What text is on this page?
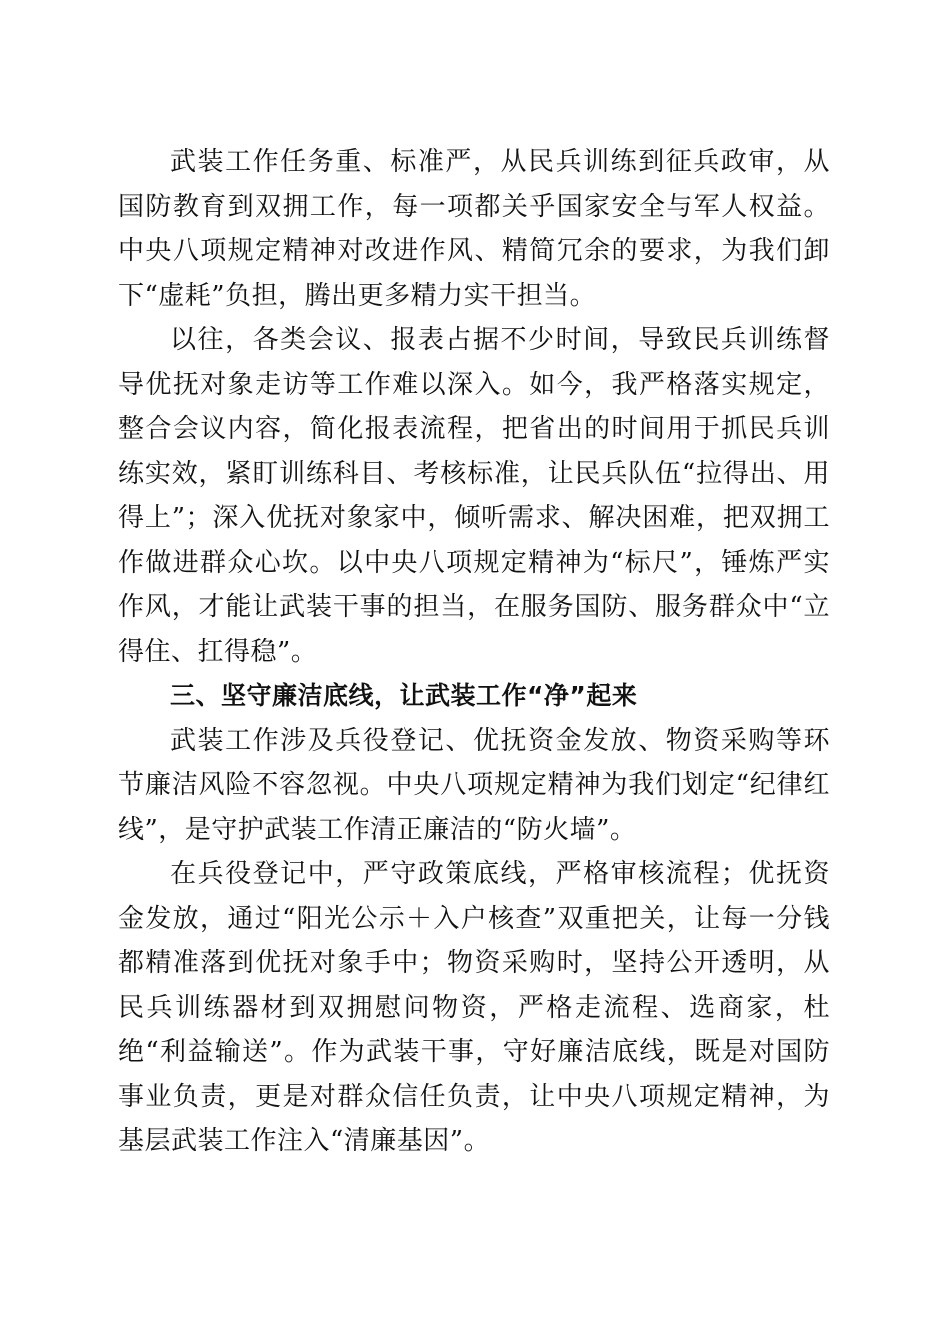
武装工作任务重、标准严，从民兵训练到征兵政审，从国防教育到双拥工作，每一项都关乎国家安全与军人权益。中央八项规定精神对改进作风、精简冗余的要求，为我们卸下“虚耗”负担，腾出更多精力实干担当。

以往，各类会议、报表占据不少时间，导致民兵训练督导优抚对象走访等工作难以深入。如今，我严格落实规定，整合会议内容，简化报表流程，把省出的时间用于抓民兵训练实效，紧盯训练科目、考核标准，让民兵队伍“拉得出、用得上”；深入优抚对象家中，倾听需求、解决困难，把双拥工作做进群众心坎。以中央八项规定精神为“标尺”，锤炼严实作风，才能让武装干事的担当，在服务国防、服务群众中“立得住、扛得稳”。

三、坚守廉洁底线，让武装工作“净”起来

武装工作涉及兵役登记、优抚资金发放、物资采购等环节廉洁风险不容忽视。中央八项规定精神为我们划定“纪律红线”，是守护武装工作清正廉洁的“防火墙”。

在兵役登记中，严守政策底线，严格审核流程；优抚资金发放，通过“阳光公示＋入户核查”双重把关，让每一分钱都精准落到优抚对象手中；物资采购时，坚持公开透明，从民兵训练器材到双拥慰问物资，严格走流程、选商家，杜绝“利益输送”。作为武装干事，守好廉洁底线，既是对国防事业负责，更是对群众信任负责，让中央八项规定精神，为基层武装工作注入“清廉基因”。
